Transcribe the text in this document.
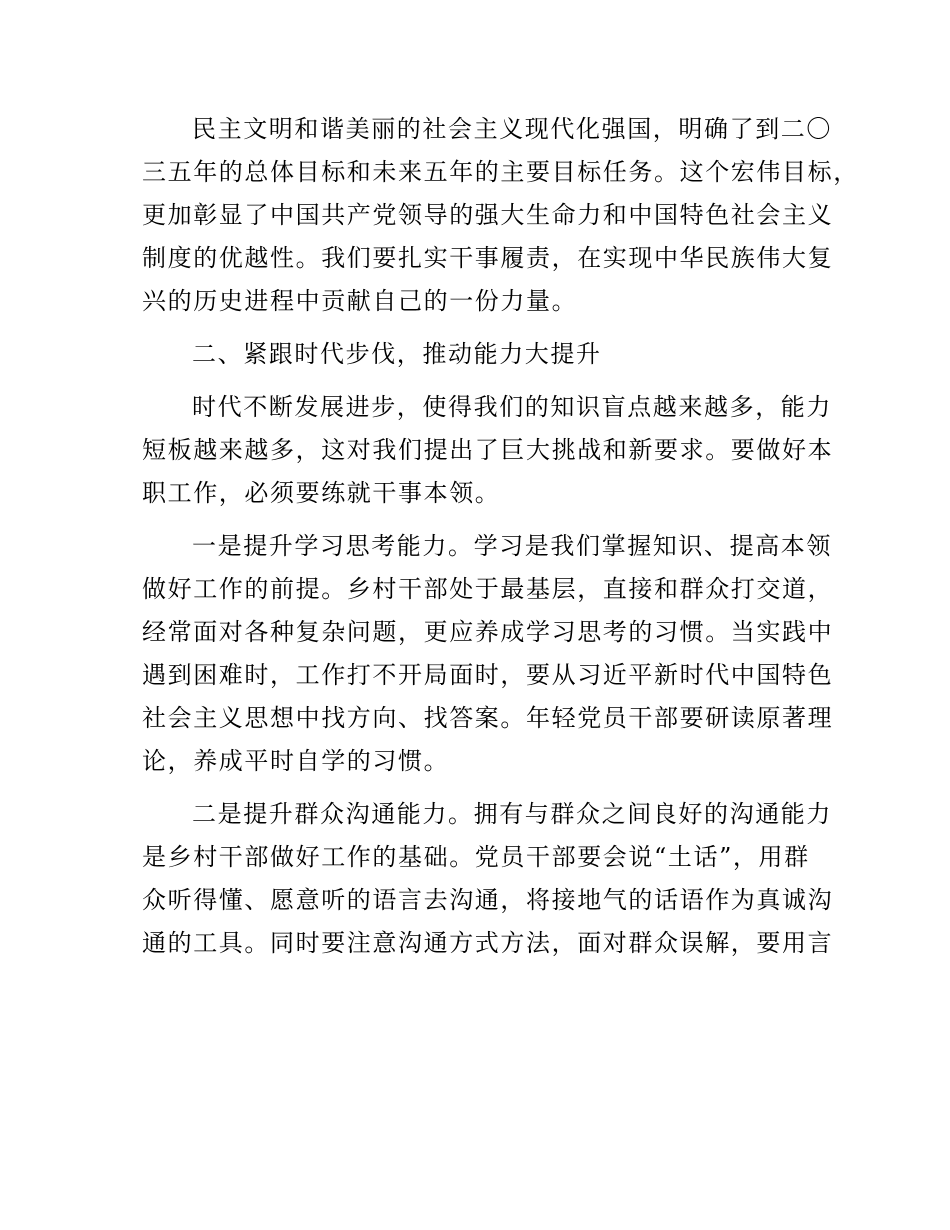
民主文明和谐美丽的社会主义现代化强国，明确了到二〇
三五年的总体目标和未来五年的主要目标任务。这个宏伟目标，
更加彰显了中国共产党领导的强大生命力和中国特色社会主义
制度的优越性。我们要扎实干事履责，在实现中华民族伟大复
兴的历史进程中贡献自己的一份力量。
二、紧跟时代步伐，推动能力大提升
时代不断发展进步，使得我们的知识盲点越来越多，能力
短板越来越多，这对我们提出了巨大挑战和新要求。要做好本
职工作，必须要练就干事本领。
一是提升学习思考能力。学习是我们掌握知识、提高本领
做好工作的前提。乡村干部处于最基层，直接和群众打交道，
经常面对各种复杂问题，更应养成学习思考的习惯。当实践中
遇到困难时，工作打不开局面时，要从习近平新时代中国特色
社会主义思想中找方向、找答案。年轻党员干部要研读原著理
论，养成平时自学的习惯。
二是提升群众沟通能力。拥有与群众之间良好的沟通能力
是乡村干部做好工作的基础。党员干部要会说“土话”，用群
众听得懂、愿意听的语言去沟通，将接地气的话语作为真诚沟
通的工具。同时要注意沟通方式方法，面对群众误解，要用言
